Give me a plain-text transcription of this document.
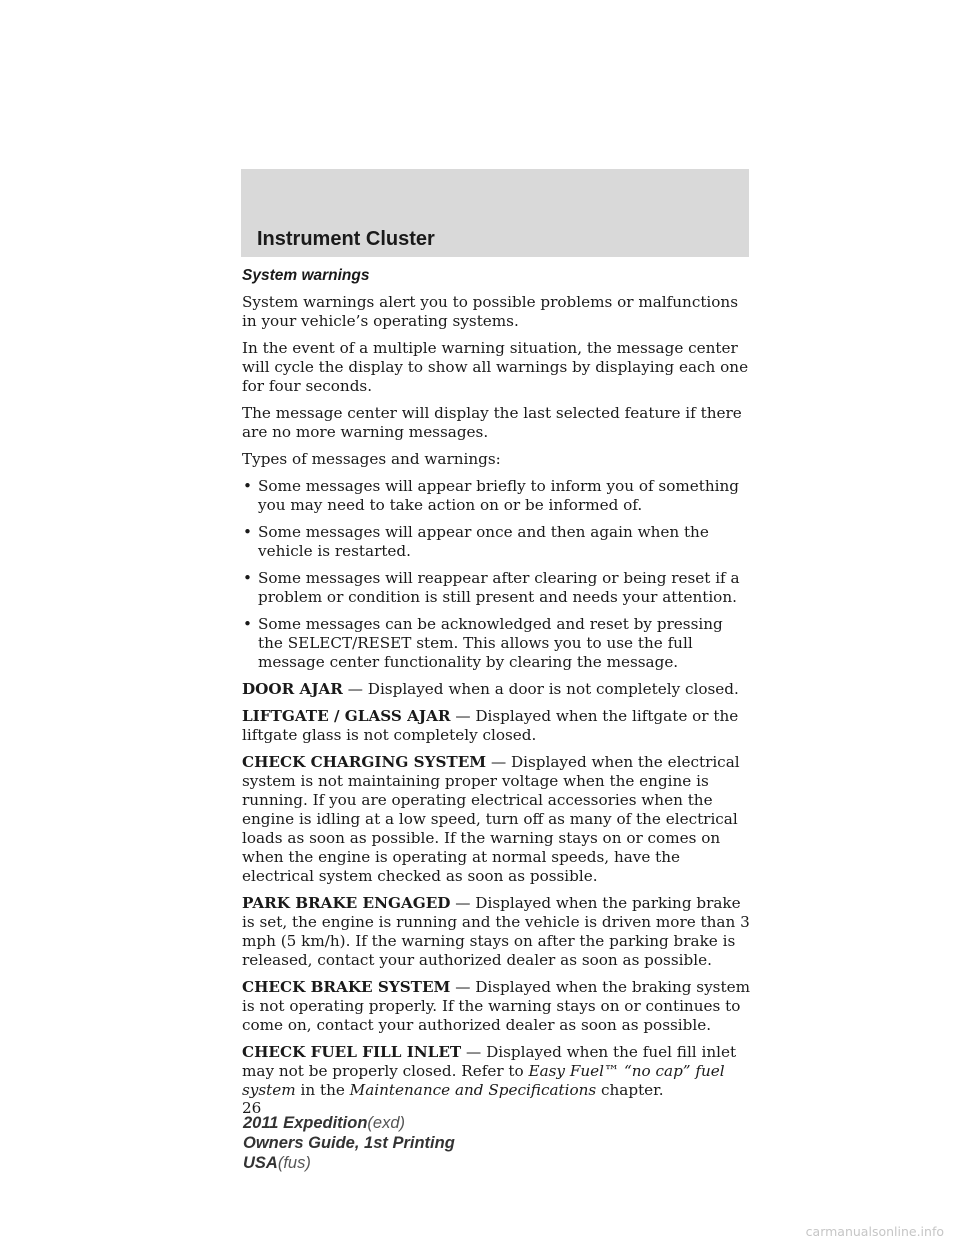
Instrument Cluster

System warnings

System warnings alert you to possible problems or malfunctions in your vehicle’s operating systems.

In the event of a multiple warning situation, the message center will cycle the display to show all warnings by displaying each one for four seconds.

The message center will display the last selected feature if there are no more warning messages.

Types of messages and warnings:

• Some messages will appear briefly to inform you of something you may need to take action on or be informed of.
• Some messages will appear once and then again when the vehicle is restarted.
• Some messages will reappear after clearing or being reset if a problem or condition is still present and needs your attention.
• Some messages can be acknowledged and reset by pressing the SELECT/RESET stem. This allows you to use the full message center functionality by clearing the message.

DOOR AJAR — Displayed when a door is not completely closed.

LIFTGATE / GLASS AJAR — Displayed when the liftgate or the liftgate glass is not completely closed.

CHECK CHARGING SYSTEM — Displayed when the electrical system is not maintaining proper voltage when the engine is running. If you are operating electrical accessories when the engine is idling at a low speed, turn off as many of the electrical loads as soon as possible. If the warning stays on or comes on when the engine is operating at normal speeds, have the electrical system checked as soon as possible.

PARK BRAKE ENGAGED — Displayed when the parking brake is set, the engine is running and the vehicle is driven more than 3 mph (5 km/h). If the warning stays on after the parking brake is released, contact your authorized dealer as soon as possible.

CHECK BRAKE SYSTEM — Displayed when the braking system is not operating properly. If the warning stays on or continues to come on, contact your authorized dealer as soon as possible.

CHECK FUEL FILL INLET — Displayed when the fuel fill inlet may not be properly closed. Refer to Easy Fuel™ “no cap” fuel system in the Maintenance and Specifications chapter.

26
2011 Expedition(exd)
Owners Guide, 1st Printing
USA(fus)
carmanualsonline.info
